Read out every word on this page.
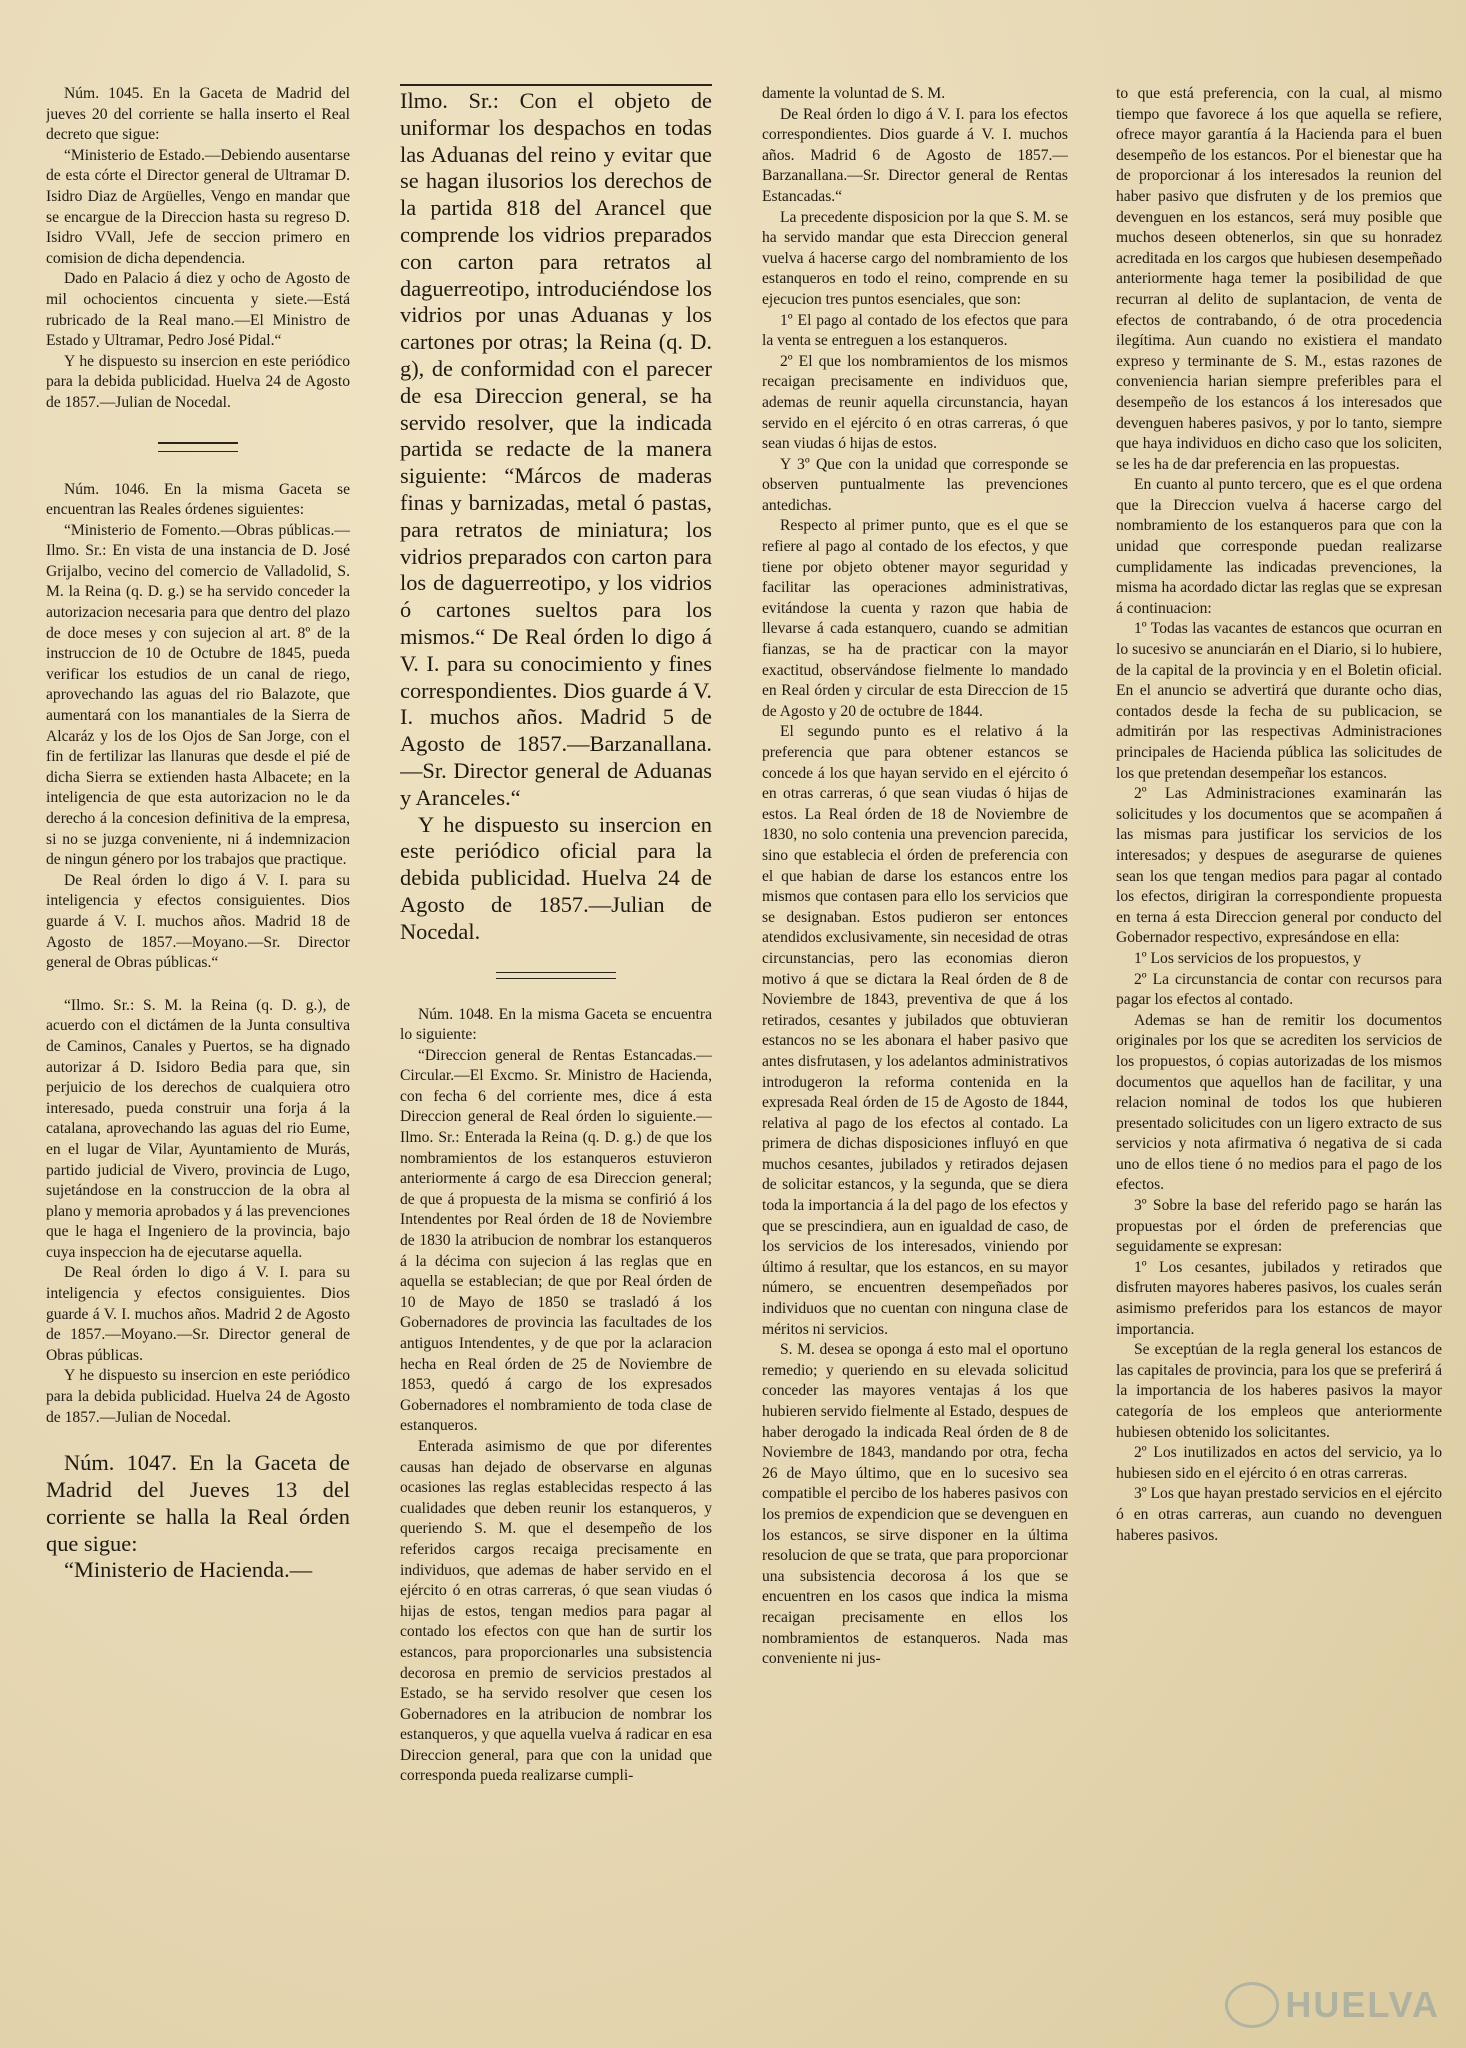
Núm. 1045. En la Gaceta de Madrid del jueves 20 del corriente se halla inserto el Real decreto que sigue:

“Ministerio de Estado.—Debiendo ausentarse de esta córte el Director general de Ultramar D. Isidro Diaz de Argüelles, Vengo en mandar que se encargue de la Direccion hasta su regreso D. Isidro VVall, Jefe de seccion primero en comision de dicha dependencia.

Dado en Palacio á diez y ocho de Agosto de mil ochocientos cincuenta y siete.—Está rubricado de la Real mano.—El Ministro de Estado y Ultramar, Pedro José Pidal.“

Y he dispuesto su insercion en este periódico para la debida publicidad. Huelva 24 de Agosto de 1857.—Julian de Nocedal.

Núm. 1046. En la misma Gaceta se encuentran las Reales órdenes siguientes:

“Ministerio de Fomento.—Obras públicas.—Ilmo. Sr.: En vista de una instancia de D. José Grijalbo, vecino del comercio de Valladolid, S. M. la Reina (q. D. g.) se ha servido conceder la autorizacion necesaria para que dentro del plazo de doce meses y con sujecion al art. 8º de la instruccion de 10 de Octubre de 1845, pueda verificar los estudios de un canal de riego, aprovechando las aguas del rio Balazote, que aumentará con los manantiales de la Sierra de Alcaráz y los de los Ojos de San Jorge, con el fin de fertilizar las llanuras que desde el pié de dicha Sierra se extienden hasta Albacete; en la inteligencia de que esta autorizacion no le da derecho á la concesion definitiva de la empresa, si no se juzga conveniente, ni á indemnizacion de ningun género por los trabajos que practique.

De Real órden lo digo á V. I. para su inteligencia y efectos consiguientes. Dios guarde á V. I. muchos años. Madrid 18 de Agosto de 1857.—Moyano.—Sr. Director general de Obras públicas.“

“Ilmo. Sr.: S. M. la Reina (q. D. g.), de acuerdo con el dictámen de la Junta consultiva de Caminos, Canales y Puertos, se ha dignado autorizar á D. Isidoro Bedia para que, sin perjuicio de los derechos de cualquiera otro interesado, pueda construir una forja á la catalana, aprovechando las aguas del rio Eume, en el lugar de Vilar, Ayuntamiento de Murás, partido judicial de Vivero, provincia de Lugo, sujetándose en la construccion de la obra al plano y memoria aprobados y á las prevenciones que le haga el Ingeniero de la provincia, bajo cuya inspeccion ha de ejecutarse aquella.

De Real órden lo digo á V. I. para su inteligencia y efectos consiguientes. Dios guarde á V. I. muchos años. Madrid 2 de Agosto de 1857.—Moyano.—Sr. Director general de Obras públicas.

Y he dispuesto su insercion en este periódico para la debida publicidad. Huelva 24 de Agosto de 1857.—Julian de Nocedal.

Núm. 1047. En la Gaceta de Madrid del Jueves 13 del corriente se halla la Real órden que sigue:

“Ministerio de Hacienda.—

Ilmo. Sr.: Con el objeto de uniformar los despachos en todas las Aduanas del reino y evitar que se hagan ilusorios los derechos de la partida 818 del Arancel que comprende los vidrios preparados con carton para retratos al daguerreotipo, introduciéndose los vidrios por unas Aduanas y los cartones por otras; la Reina (q. D. g), de conformidad con el parecer de esa Direccion general, se ha servido resolver, que la indicada partida se redacte de la manera siguiente: “Márcos de maderas finas y barnizadas, metal ó pastas, para retratos de miniatura; los vidrios preparados con carton para los de daguerreotipo, y los vidrios ó cartones sueltos para los mismos.“ De Real órden lo digo á V. I. para su conocimiento y fines correspondientes. Dios guarde á V. I. muchos años. Madrid 5 de Agosto de 1857.—Barzanallana.—Sr. Director general de Aduanas y Aranceles.“

Y he dispuesto su insercion en este periódico oficial para la debida publicidad. Huelva 24 de Agosto de 1857.—Julian de Nocedal.

Núm. 1048. En la misma Gaceta se encuentra lo siguiente:

“Direccion general de Rentas Estancadas.—Circular.—El Excmo. Sr. Ministro de Hacienda, con fecha 6 del corriente mes, dice á esta Direccion general de Real órden lo siguiente.—Ilmo. Sr.: Enterada la Reina (q. D. g.) de que los nombramientos de los estanqueros estuvieron anteriormente á cargo de esa Direccion general; de que á propuesta de la misma se confirió á los Intendentes por Real órden de 18 de Noviembre de 1830 la atribucion de nombrar los estanqueros á la décima con sujecion á las reglas que en aquella se establecian; de que por Real órden de 10 de Mayo de 1850 se trasladó á los Gobernadores de provincia las facultades de los antiguos Intendentes, y de que por la aclaracion hecha en Real órden de 25 de Noviembre de 1853, quedó á cargo de los expresados Gobernadores el nombramiento de toda clase de estanqueros.

Enterada asimismo de que por diferentes causas han dejado de observarse en algunas ocasiones las reglas establecidas respecto á las cualidades que deben reunir los estanqueros, y queriendo S. M. que el desempeño de los referidos cargos recaiga precisamente en individuos, que ademas de haber servido en el ejército ó en otras carreras, ó que sean viudas ó hijas de estos, tengan medios para pagar al contado los efectos con que han de surtir los estancos, para proporcionarles una subsistencia decorosa en premio de servicios prestados al Estado, se ha servido resolver que cesen los Gobernadores en la atribucion de nombrar los estanqueros, y que aquella vuelva á radicar en esa Direccion general, para que con la unidad que corresponda pueda realizarse cumpli-

damente la voluntad de S. M.

De Real órden lo digo á V. I. para los efectos correspondientes. Dios guarde á V. I. muchos años. Madrid 6 de Agosto de 1857.—Barzanallana.—Sr. Director general de Rentas Estancadas.“

La precedente disposicion por la que S. M. se ha servido mandar que esta Direccion general vuelva á hacerse cargo del nombramiento de los estanqueros en todo el reino, comprende en su ejecucion tres puntos esenciales, que son:

1º El pago al contado de los efectos que para la venta se entreguen a los estanqueros.

2º El que los nombramientos de los mismos recaigan precisamente en individuos que, ademas de reunir aquella circunstancia, hayan servido en el ejército ó en otras carreras, ó que sean viudas ó hijas de estos.

Y 3º Que con la unidad que corresponde se observen puntualmente las prevenciones antedichas.

Respecto al primer punto, que es el que se refiere al pago al contado de los efectos, y que tiene por objeto obtener mayor seguridad y facilitar las operaciones administrativas, evitándose la cuenta y razon que habia de llevarse á cada estanquero, cuando se admitian fianzas, se ha de practicar con la mayor exactitud, observándose fielmente lo mandado en Real órden y circular de esta Direccion de 15 de Agosto y 20 de octubre de 1844.

El segundo punto es el relativo á la preferencia que para obtener estancos se concede á los que hayan servido en el ejército ó en otras carreras, ó que sean viudas ó hijas de estos. La Real órden de 18 de Noviembre de 1830, no solo contenia una prevencion parecida, sino que establecia el órden de preferencia con el que habian de darse los estancos entre los mismos que contasen para ello los servicios que se designaban. Estos pudieron ser entonces atendidos exclusivamente, sin necesidad de otras circunstancias, pero las economias dieron motivo á que se dictara la Real órden de 8 de Noviembre de 1843, preventiva de que á los retirados, cesantes y jubilados que obtuvieran estancos no se les abonara el haber pasivo que antes disfrutasen, y los adelantos administrativos introdugeron la reforma contenida en la expresada Real órden de 15 de Agosto de 1844, relativa al pago de los efectos al contado. La primera de dichas disposiciones influyó en que muchos cesantes, jubilados y retirados dejasen de solicitar estancos, y la segunda, que se diera toda la importancia á la del pago de los efectos y que se prescindiera, aun en igualdad de caso, de los servicios de los interesados, viniendo por último á resultar, que los estancos, en su mayor número, se encuentren desempeñados por individuos que no cuentan con ninguna clase de méritos ni servicios.

S. M. desea se oponga á esto mal el oportuno remedio; y queriendo en su elevada solicitud conceder las mayores ventajas á los que hubieren servido fielmente al Estado, despues de haber derogado la indicada Real órden de 8 de Noviembre de 1843, mandando por otra, fecha 26 de Mayo último, que en lo sucesivo sea compatible el percibo de los haberes pasivos con los premios de expendicion que se devenguen en los estancos, se sirve disponer en la última resolucion de que se trata, que para proporcionar una subsistencia decorosa á los que se encuentren en los casos que indica la misma recaigan precisamente en ellos los nombramientos de estanqueros. Nada mas conveniente ni jus-

to que está preferencia, con la cual, al mismo tiempo que favorece á los que aquella se refiere, ofrece mayor garantía á la Hacienda para el buen desempeño de los estancos. Por el bienestar que ha de proporcionar á los interesados la reunion del haber pasivo que disfruten y de los premios que devenguen en los estancos, será muy posible que muchos deseen obtenerlos, sin que su honradez acreditada en los cargos que hubiesen desempeñado anteriormente haga temer la posibilidad de que recurran al delito de suplantacion, de venta de efectos de contrabando, ó de otra procedencia ilegítima. Aun cuando no existiera el mandato expreso y terminante de S. M., estas razones de conveniencia harian siempre preferibles para el desempeño de los estancos á los interesados que devenguen haberes pasivos, y por lo tanto, siempre que haya individuos en dicho caso que los soliciten, se les ha de dar preferencia en las propuestas.

En cuanto al punto tercero, que es el que ordena que la Direccion vuelva á hacerse cargo del nombramiento de los estanqueros para que con la unidad que corresponde puedan realizarse cumplidamente las indicadas prevenciones, la misma ha acordado dictar las reglas que se expresan á continuacion:

1º Todas las vacantes de estancos que ocurran en lo sucesivo se anunciarán en el Diario, si lo hubiere, de la capital de la provincia y en el Boletin oficial. En el anuncio se advertirá que durante ocho dias, contados desde la fecha de su publicacion, se admitirán por las respectivas Administraciones principales de Hacienda pública las solicitudes de los que pretendan desempeñar los estancos.

2º Las Administraciones examinarán las solicitudes y los documentos que se acompañen á las mismas para justificar los servicios de los interesados; y despues de asegurarse de quienes sean los que tengan medios para pagar al contado los efectos, dirigiran la correspondiente propuesta en terna á esta Direccion general por conducto del Gobernador respectivo, expresándose en ella:

1º Los servicios de los propuestos, y

2º La circunstancia de contar con recursos para pagar los efectos al contado.

Ademas se han de remitir los documentos originales por los que se acrediten los servicios de los propuestos, ó copias autorizadas de los mismos documentos que aquellos han de facilitar, y una relacion nominal de todos los que hubieren presentado solicitudes con un ligero extracto de sus servicios y nota afirmativa ó negativa de si cada uno de ellos tiene ó no medios para el pago de los efectos.

3º Sobre la base del referido pago se harán las propuestas por el órden de preferencias que seguidamente se expresan:

1º Los cesantes, jubilados y retirados que disfruten mayores haberes pasivos, los cuales serán asimismo preferidos para los estancos de mayor importancia.

Se exceptúan de la regla general los estancos de las capitales de provincia, para los que se preferirá á la importancia de los haberes pasivos la mayor categoría de los empleos que anteriormente hubiesen obtenido los solicitantes.

2º Los inutilizados en actos del servicio, ya lo hubiesen sido en el ejército ó en otras carreras.

3º Los que hayan prestado servicios en el ejército ó en otras carreras, aun cuando no devenguen haberes pasivos.

HUELVA
